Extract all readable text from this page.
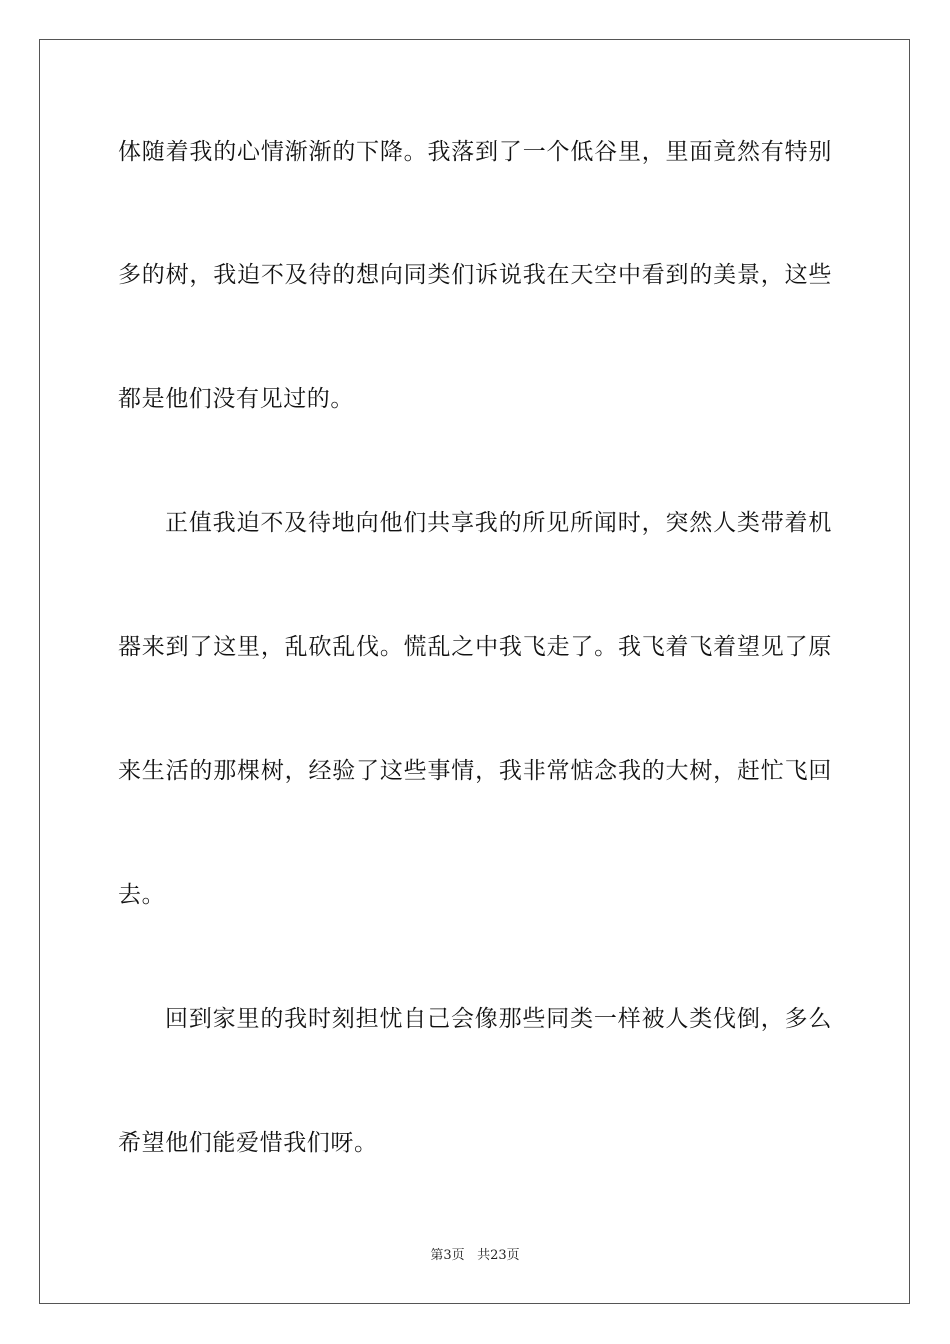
体随着我的心情渐渐的下降。我落到了一个低谷里，里面竟然有特别
多的树，我迫不及待的想向同类们诉说我在天空中看到的美景，这些
都是他们没有见过的。
正值我迫不及待地向他们共享我的所见所闻时，突然人类带着机
器来到了这里，乱砍乱伐。慌乱之中我飞走了。我飞着飞着望见了原
来生活的那棵树，经验了这些事情，我非常惦念我的大树，赶忙飞回
去。
回到家里的我时刻担忧自己会像那些同类一样被人类伐倒，多么
希望他们能爱惜我们呀。
第3页 共23页
